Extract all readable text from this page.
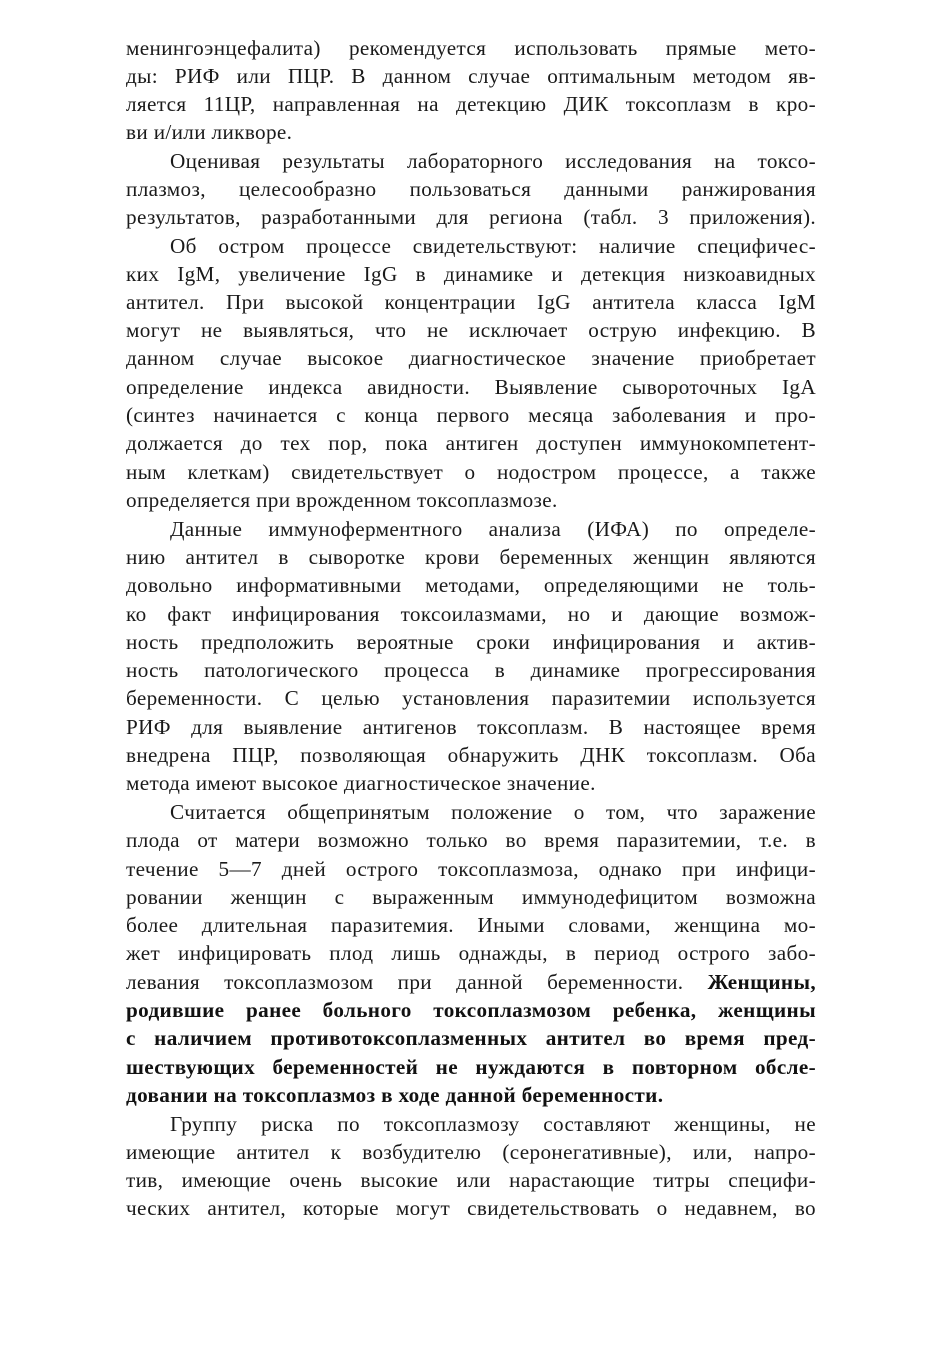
менингоэнцефалита) рекомендуется использовать прямые мето-
ды: РИФ или ПЦР. В данном случае оптимальным методом яв-
ляется 11ЦР, направленная на детекцию ДИК токсоплазм в кро-
ви и/или ликворе.
Оценивая результаты лабораторного исследования на токсо-
плазмоз, целесообразно пользоваться данными ранжирования
результатов, разработанными для региона (табл. 3 приложения).
Об остром процессе свидетельствуют: наличие специфичес-
ких IgM, увеличение IgG в динамике и детекция низкоавидных
антител. При высокой концентрации IgG антитела класса IgM
могут не выявляться, что не исключает острую инфекцию. В
данном случае высокое диагностическое значение приобретает
определение индекса авидности. Выявление сывороточных IgA
(синтез начинается с конца первого месяца заболевания и про-
должается до тех пор, пока антиген доступен иммунокомпетент-
ным клеткам) свидетельствует о нодостром процессе, а также
определяется при врожденном токсоплазмозе.
Данные иммуноферментного анализа (ИФА) по определе-
нию антител в сыворотке крови беременных женщин являются
довольно информативными методами, определяющими не толь-
ко факт инфицирования токсоилазмами, но и дающие возмож-
ность предположить вероятные сроки инфицирования и актив-
ность патологического процесса в динамике прогрессирования
беременности. С целью установления паразитемии используется
РИФ для выявление антигенов токсоплазм. В настоящее время
внедрена ПЦР, позволяющая обнаружить ДНК токсоплазм. Оба
метода имеют высокое диагностическое значение.
Считается общепринятым положение о том, что заражение
плода от матери возможно только во время паразитемии, т.е. в
течение 5—7 дней острого токсоплазмоза, однако при инфици-
ровании женщин с выраженным иммунодефицитом возможна
более длительная паразитемия. Иными словами, женщина мо-
жет инфицировать плод лишь однажды, в период острого забо-
левания токсоплазмозом при данной беременности. Женщины,
родившие ранее больного токсоплазмозом ребенка, женщины
с наличием противотоксоплазменных антител во время пред-
шествующих беременностей не нуждаются в повторном обсле-
довании на токсоплазмоз в ходе данной беременности.
Группу риска по токсоплазмозу составляют женщины, не
имеющие антител к возбудителю (серонегативные), или, напро-
тив, имеющие очень высокие или нарастающие титры специфи-
ческих антител, которые могут свидетельствовать о недавнем, во
